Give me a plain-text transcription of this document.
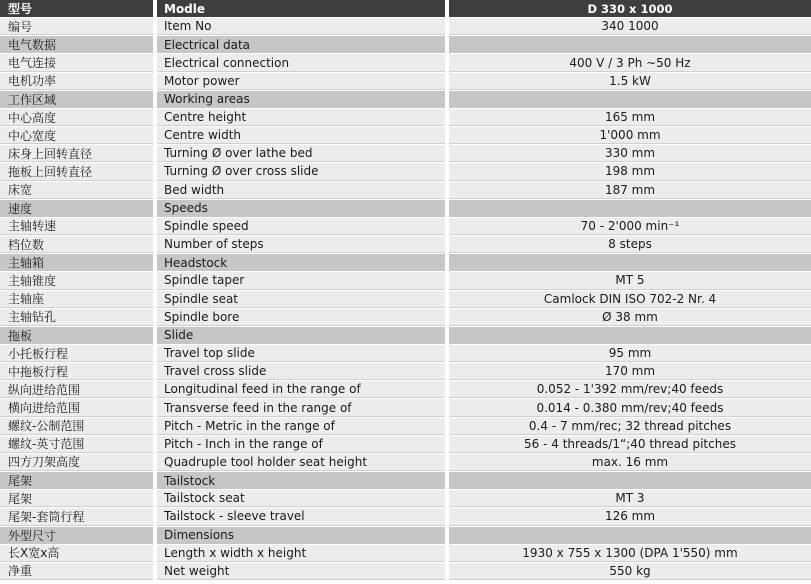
型号	Modle	D 330 x 1000
编号	Item No	340 1000
电气数据	Electrical data
电气连接	Electrical connection	400 V / 3 Ph ~50 Hz
电机功率	Motor power	1.5 kW
工作区域	Working areas
中心高度	Centre height	165 mm
中心宽度	Centre width	1'000 mm
床身上回转直径	Turning Ø over lathe bed	330 mm
拖板上回转直径	Turning Ø over cross slide	198 mm
床宽	Bed width	187 mm
速度	Speeds
主轴转速	Spindle speed	70 - 2'000 min⁻¹
档位数	Number of steps	8 steps
主轴箱	Headstock
主轴锥度	Spindle taper	MT 5
主轴座	Spindle seat	Camlock DIN ISO 702-2 Nr. 4
主轴钻孔	Spindle bore	Ø 38 mm
拖板	Slide
小托板行程	Travel top slide	95 mm
中拖板行程	Travel cross slide	170 mm
纵向进给范围	Longitudinal feed in the range of	0.052 - 1'392 mm/rev;40 feeds
横向进给范围	Transverse feed in the range of	0.014 - 0.380 mm/rev;40 feeds
螺纹-公制范围	Pitch - Metric in the range of	0.4 - 7 mm/rec; 32 thread pitches
螺纹-英寸范围	Pitch - Inch in the range of	56 - 4 threads/1“;40 thread pitches
四方刀架高度	Quadruple tool holder seat height	max. 16 mm
尾架	Tailstock
尾架	Tailstock seat	MT 3
尾架-套筒行程	Tailstock - sleeve travel	126 mm
外型尺寸	Dimensions
长X宽x高	Length x width x height	1930 x 755 x 1300 (DPA 1'550) mm
净重	Net weight	550 kg
